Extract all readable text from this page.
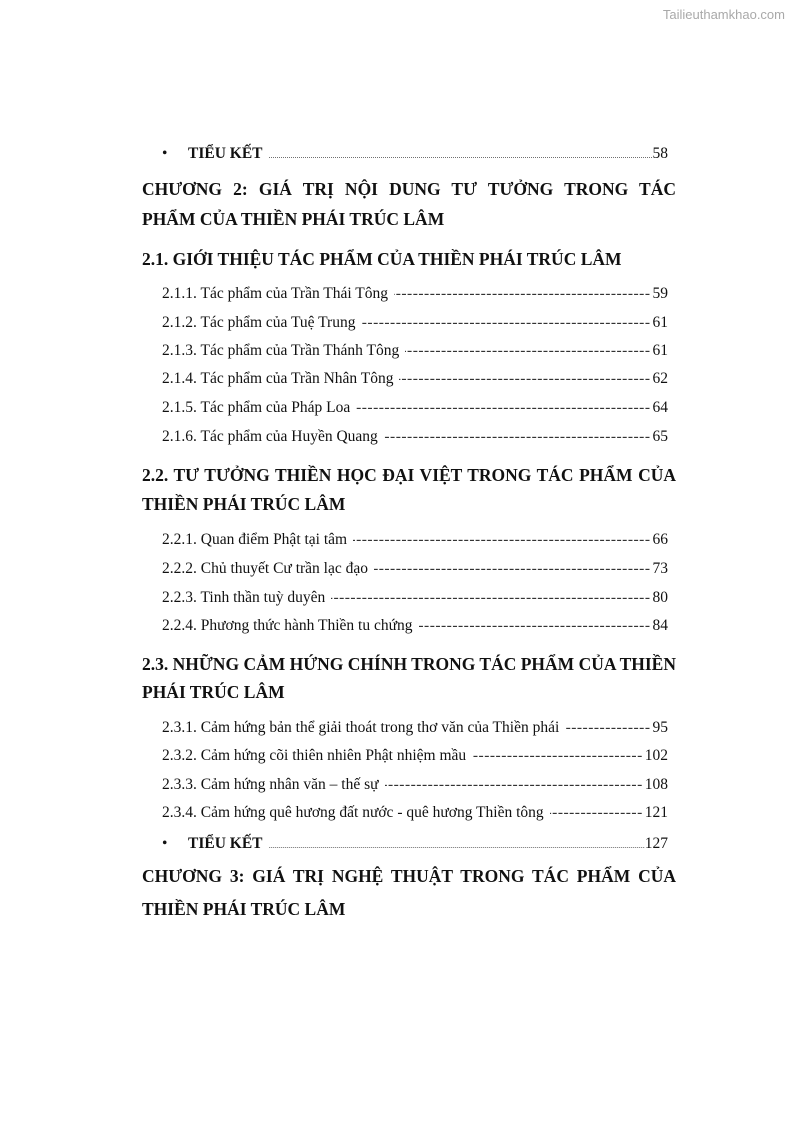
Tailieuthamkhao.com
•	TIỂU KẾT .....	58
CHƯƠNG 2: GIÁ TRỊ NỘI DUNG TƯ TƯỞNG TRONG TÁC
PHẨM CỦA THIỀN PHÁI TRÚC LÂM
2.1. GIỚI THIỆU TÁC PHẨM CỦA THIỀN PHÁI TRÚC LÂM
2.1.1. Tác phẩm của Trần Thái Tông -----	59
2.1.2. Tác phẩm của Tuệ Trung -----	61
2.1.3. Tác phẩm của Trần Thánh Tông -----	61
2.1.4. Tác phẩm của Trần Nhân Tông -----	62
2.1.5. Tác phẩm của Pháp Loa -----	64
2.1.6. Tác phẩm của Huyền Quang -----	65
2.2. TƯ TƯỞNG THIỀN HỌC ĐẠI VIỆT TRONG TÁC PHẨM CỦA
THIỀN PHÁI TRÚC LÂM
2.2.1. Quan điểm Phật tại tâm -----	66
2.2.2. Chủ thuyết Cư trần lạc đạo -----	73
2.2.3. Tinh thần tuỳ duyên -----	80
2.2.4. Phương thức hành Thiền tu chứng -----	84
2.3. NHỮNG CẢM HỨNG CHÍNH TRONG TÁC PHẨM CỦA THIỀN
PHÁI TRÚC LÂM
2.3.1. Cảm hứng bản thể giải thoát trong thơ văn của Thiền phái -----	95
2.3.2. Cảm hứng cõi thiên nhiên Phật nhiệm mầu -----	102
2.3.3. Cảm hứng nhân văn – thế sự -----	108
2.3.4. Cảm hứng quê hương đất nước - quê hương Thiền tông -----	121
•	TIỂU KẾT .....	127
CHƯƠNG 3: GIÁ TRỊ NGHỆ THUẬT TRONG TÁC PHẨM CỦA
THIỀN PHÁI TRÚC LÂM
